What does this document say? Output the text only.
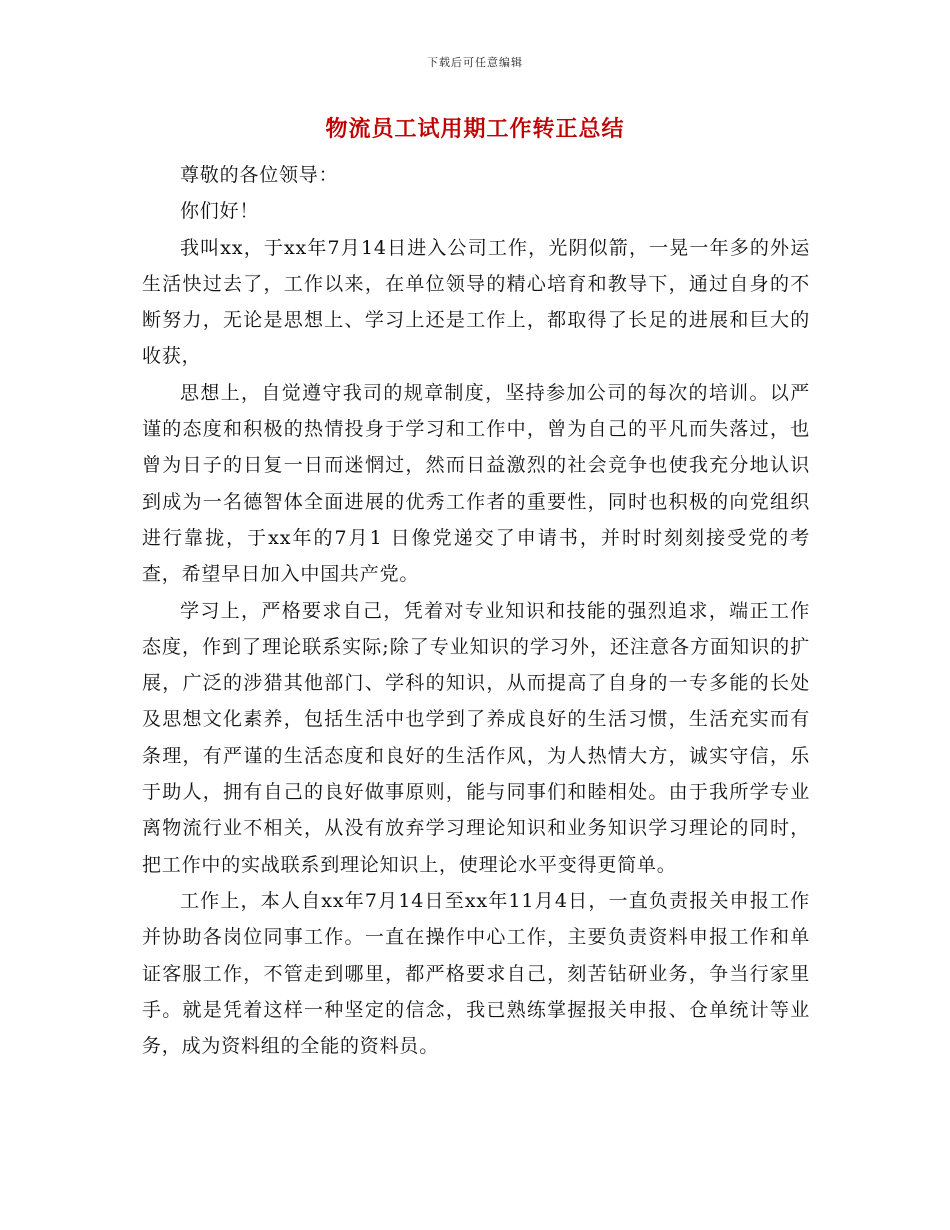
下载后可任意编辑
物流员工试用期工作转正总结

尊敬的各位领导：

你们好！

我叫xx，于xx年7月14日进入公司工作，光阴似箭，一晃一年多的外运生活快过去了，工作以来，在单位领导的精心培育和教导下，通过自身的不断努力，无论是思想上、学习上还是工作上，都取得了长足的进展和巨大的收获，

思想上，自觉遵守我司的规章制度，坚持参加公司的每次的培训。以严谨的态度和积极的热情投身于学习和工作中，曾为自己的平凡而失落过，也曾为日子的日复一日而迷惘过，然而日益激烈的社会竞争也使我充分地认识到成为一名德智体全面进展的优秀工作者的重要性，同时也积极的向党组织进行靠拢，于xx年的7月1 日像党递交了申请书，并时时刻刻接受党的考查，希望早日加入中国共产党。

学习上，严格要求自己，凭着对专业知识和技能的强烈追求，端正工作态度，作到了理论联系实际;除了专业知识的学习外，还注意各方面知识的扩展，广泛的涉猎其他部门、学科的知识，从而提高了自身的一专多能的长处及思想文化素养，包括生活中也学到了养成良好的生活习惯，生活充实而有条理，有严谨的生活态度和良好的生活作风，为人热情大方，诚实守信，乐于助人，拥有自己的良好做事原则，能与同事们和睦相处。由于我所学专业离物流行业不相关，从没有放弃学习理论知识和业务知识学习理论的同时，把工作中的实战联系到理论知识上，使理论水平变得更简单。

工作上，本人自xx年7月14日至xx年11月4日，一直负责报关申报工作并协助各岗位同事工作。一直在操作中心工作，主要负责资料申报工作和单证客服工作，不管走到哪里，都严格要求自己，刻苦钻研业务，争当行家里手。就是凭着这样一种坚定的信念，我已熟练掌握报关申报、仓单统计等业务，成为资料组的全能的资料员。
